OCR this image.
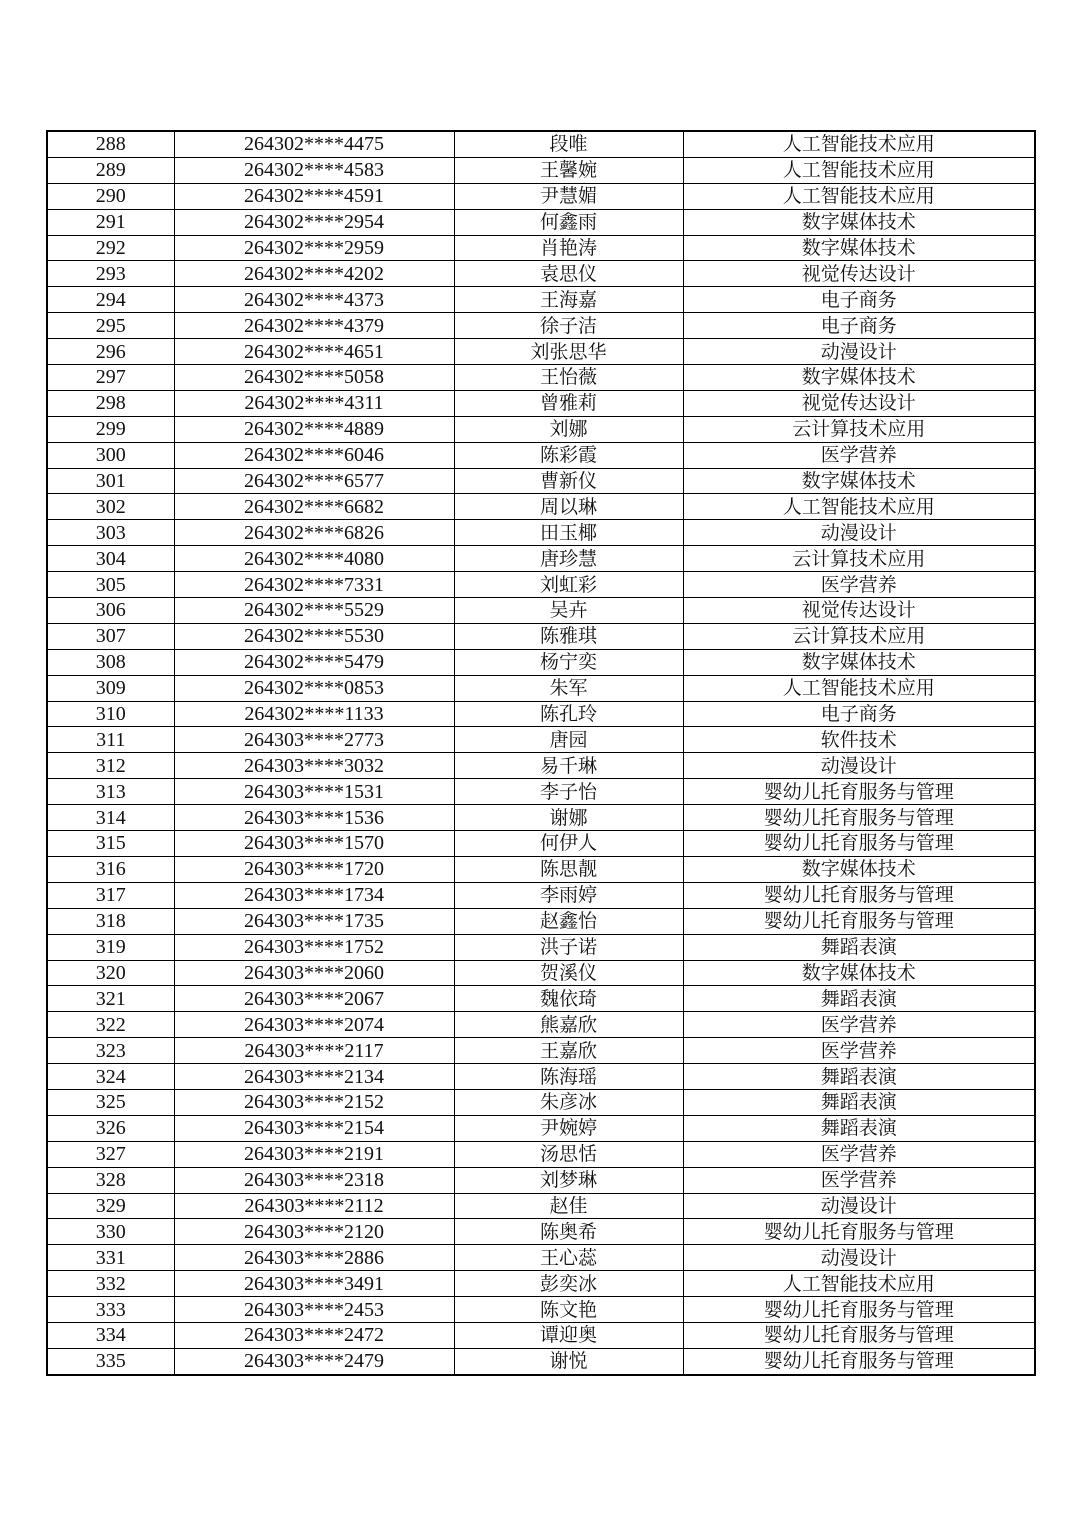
288	264302****4475	段唯	人工智能技术应用
289	264302****4583	王馨婉	人工智能技术应用
290	264302****4591	尹慧媚	人工智能技术应用
291	264302****2954	何鑫雨	数字媒体技术
292	264302****2959	肖艳涛	数字媒体技术
293	264302****4202	袁思仪	视觉传达设计
294	264302****4373	王海嘉	电子商务
295	264302****4379	徐子洁	电子商务
296	264302****4651	刘张思华	动漫设计
297	264302****5058	王怡薇	数字媒体技术
298	264302****4311	曾雅莉	视觉传达设计
299	264302****4889	刘娜	云计算技术应用
300	264302****6046	陈彩霞	医学营养
301	264302****6577	曹新仪	数字媒体技术
302	264302****6682	周以琳	人工智能技术应用
303	264302****6826	田玉椰	动漫设计
304	264302****4080	唐珍慧	云计算技术应用
305	264302****7331	刘虹彩	医学营养
306	264302****5529	吴卉	视觉传达设计
307	264302****5530	陈雅琪	云计算技术应用
308	264302****5479	杨宁奕	数字媒体技术
309	264302****0853	朱军	人工智能技术应用
310	264302****1133	陈孔玲	电子商务
311	264303****2773	唐园	软件技术
312	264303****3032	易千琳	动漫设计
313	264303****1531	李子怡	婴幼儿托育服务与管理
314	264303****1536	谢娜	婴幼儿托育服务与管理
315	264303****1570	何伊人	婴幼儿托育服务与管理
316	264303****1720	陈思靓	数字媒体技术
317	264303****1734	李雨婷	婴幼儿托育服务与管理
318	264303****1735	赵鑫怡	婴幼儿托育服务与管理
319	264303****1752	洪子诺	舞蹈表演
320	264303****2060	贺溪仪	数字媒体技术
321	264303****2067	魏依琦	舞蹈表演
322	264303****2074	熊嘉欣	医学营养
323	264303****2117	王嘉欣	医学营养
324	264303****2134	陈海瑶	舞蹈表演
325	264303****2152	朱彦冰	舞蹈表演
326	264303****2154	尹婉婷	舞蹈表演
327	264303****2191	汤思恬	医学营养
328	264303****2318	刘梦琳	医学营养
329	264303****2112	赵佳	动漫设计
330	264303****2120	陈奥希	婴幼儿托育服务与管理
331	264303****2886	王心蕊	动漫设计
332	264303****3491	彭奕冰	人工智能技术应用
333	264303****2453	陈文艳	婴幼儿托育服务与管理
334	264303****2472	谭迎奥	婴幼儿托育服务与管理
335	264303****2479	谢悦	婴幼儿托育服务与管理
